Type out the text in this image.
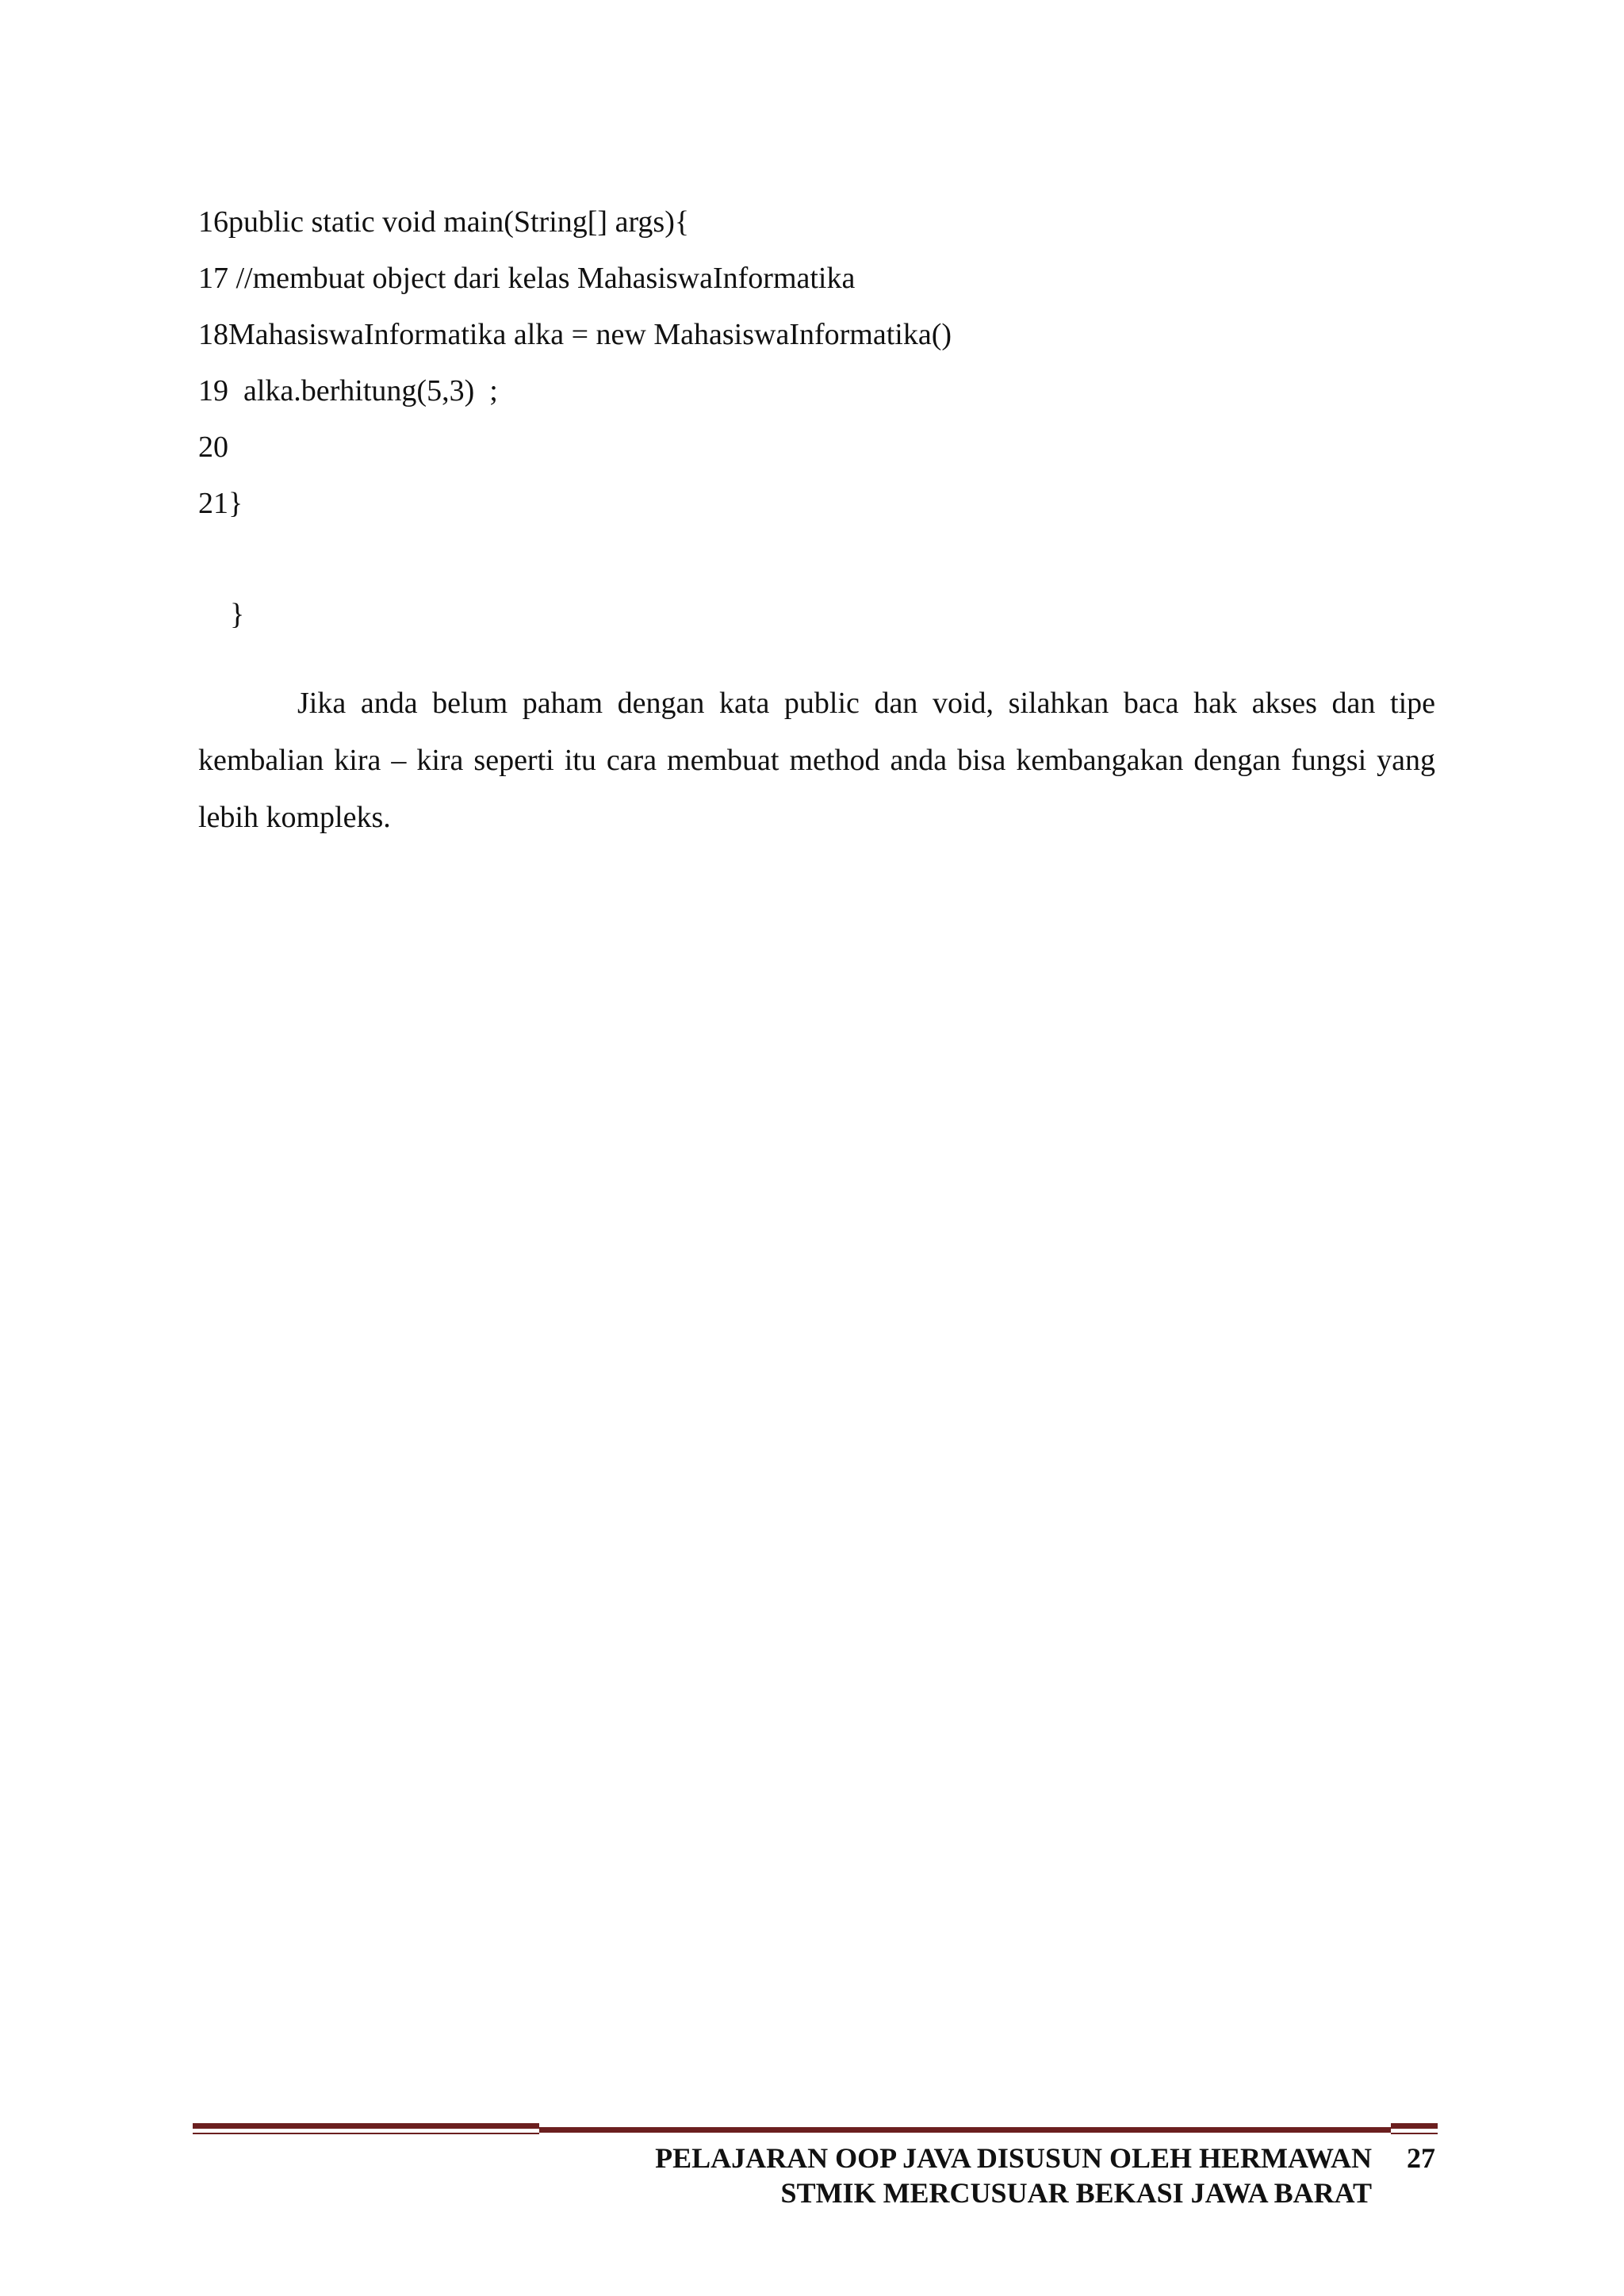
16public static void main(String[] args){
17 //membuat object dari kelas MahasiswaInformatika
18MahasiswaInformatika alka = new MahasiswaInformatika()
19  alka.berhitung(5,3)  ;
20
21}
}

Jika anda belum paham dengan kata public dan void, silahkan baca hak akses dan tipe kembalian kira – kira seperti itu cara membuat method anda bisa kembangakan dengan fungsi yang lebih kompleks.

PELAJARAN OOP JAVA DISUSUN OLEH HERMAWAN
STMIK MERCUSUAR BEKASI JAWA BARAT
27
